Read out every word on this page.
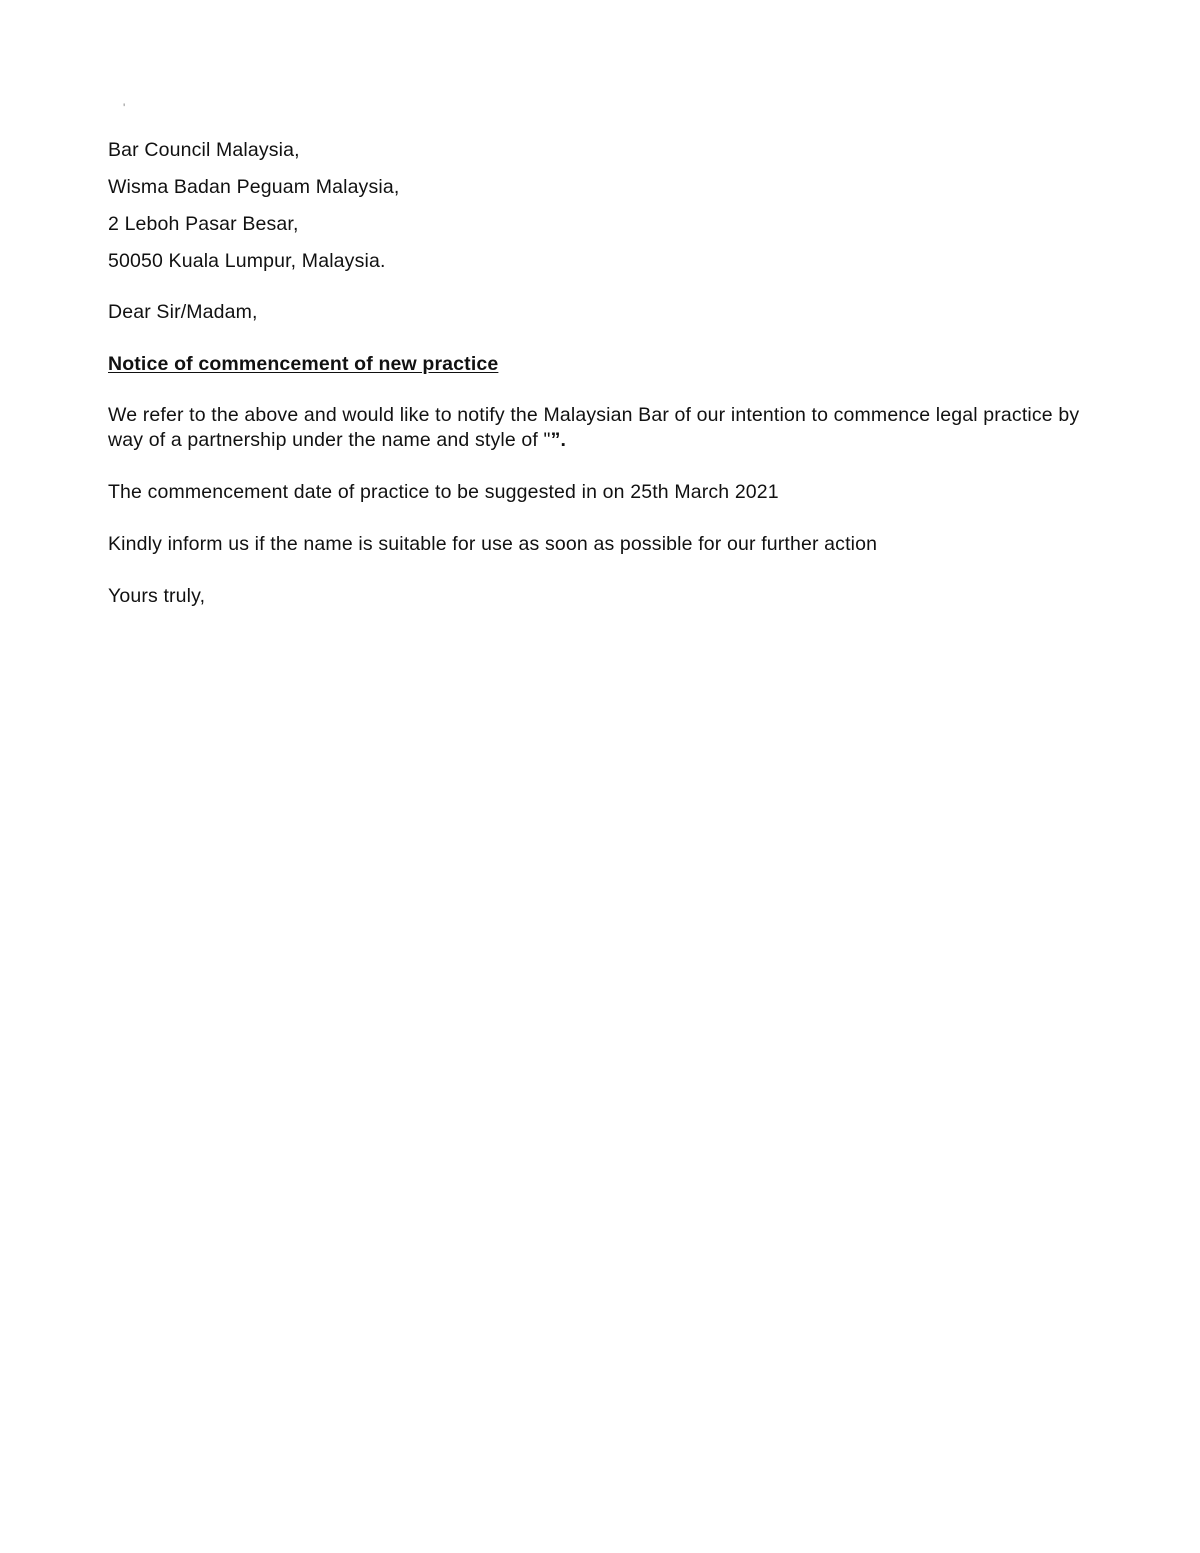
'

Bar Council Malaysia,

Wisma Badan Peguam Malaysia,

2 Leboh Pasar Besar,

50050 Kuala Lumpur, Malaysia.

Dear Sir/Madam,

Notice of commencement of new practice

We refer to the above and would like to notify the Malaysian Bar of our intention to commence legal practice by way of a partnership under the name and style of "”.

The commencement date of practice to be suggested in on 25th March 2021

Kindly inform us if the name is suitable for use as soon as possible for our further action

Yours truly,
